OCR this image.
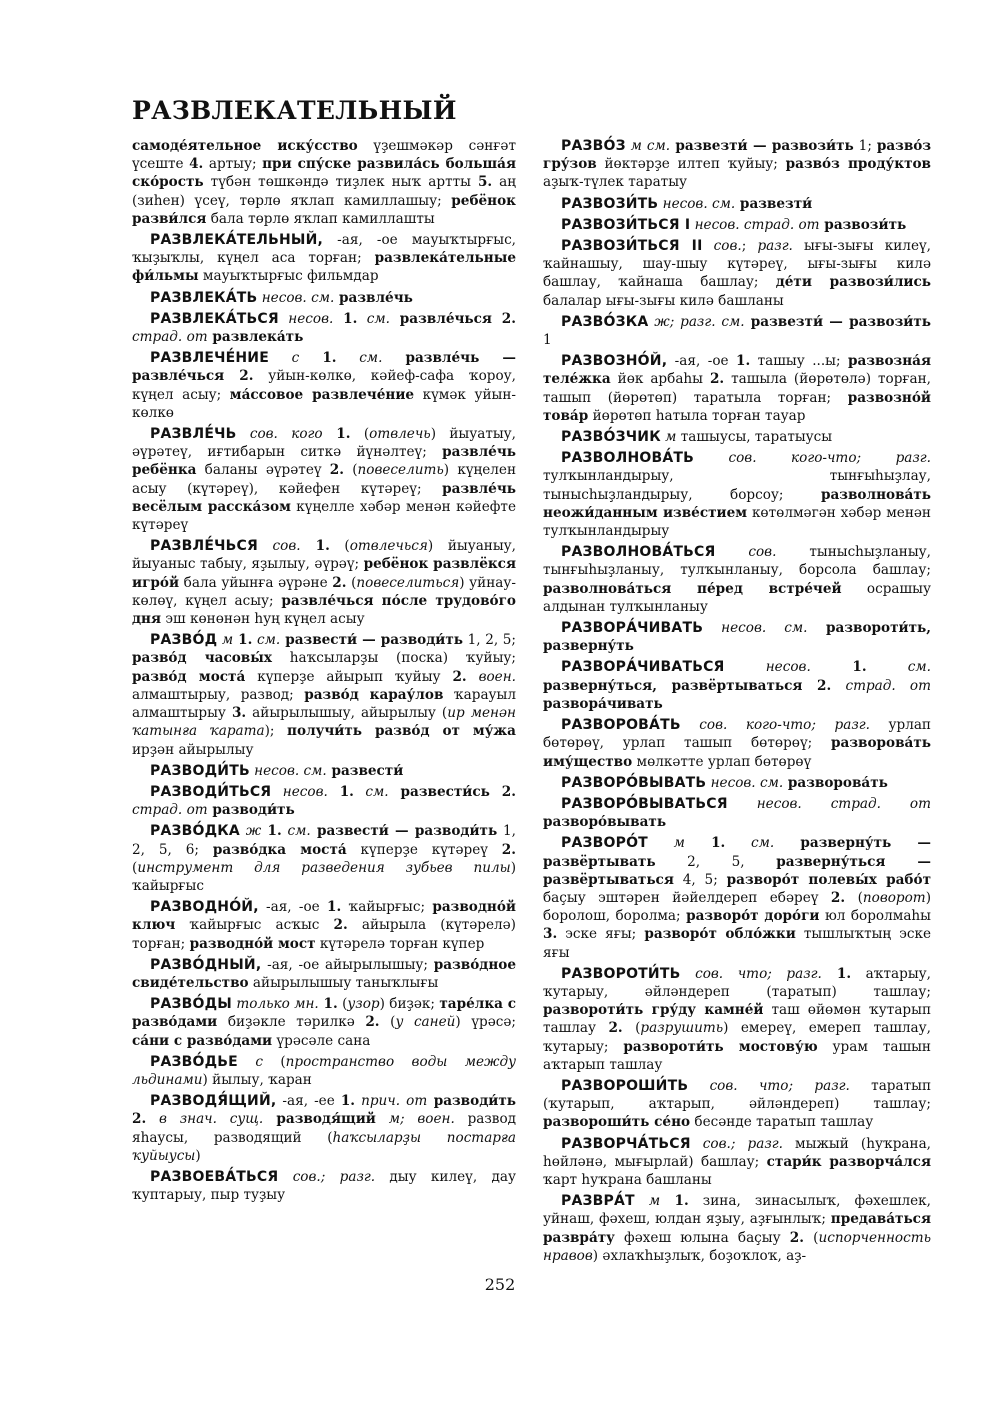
РАЗВЛЕКАТЕЛЬНЫЙ

самоде́ятельное иску́сство үҙешмәкәр сәнғәт үсеште 4. артыу; при спу́ске развила́сь больша́я ско́рость түбән төшкәндә тиҙлек ныҡ артты 5. аң (зиһен) үсеү, төрлө яҡлап камиллашыу; ребёнок разви́лся бала төрлө яҡлап камиллашты

РАЗВЛЕКА́ТЕЛЬНЫЙ, -ая, -ое мауыҡтырғыс, ҡыҙыҡлы, күңел аса торған; развлека́тельные фи́льмы мауыҡтырғыс фильмдар

РАЗВЛЕКА́ТЬ несов. см. развле́чь

РАЗВЛЕКА́ТЬСЯ несов. 1. см. развле́чься 2. страд. от развлека́ть

РАЗВЛЕЧЕ́НИЕ с 1. см. развле́чь — развле́чься 2. уйын-көлкө, кәйеф-сафа ҡороу, күңел асыу; ма́ссовое развлече́ние күмәк уйын-көлкө

РАЗВЛЕ́ЧЬ сов. кого 1. (отвлечь) йыуатыу, әүрәтеү, иғтибарын ситкә йүнәлтеү; развле́чь ребёнка баланы әүрәтеү 2. (повеселить) күңелен асыу (күтәреү), кәйефен күтәреү; развле́чь весёлым расска́зом күңелле хәбәр менән кәйефте күтәреү

РАЗВЛЕ́ЧЬСЯ сов. 1. (отвлечься) йыуаныу, йыуаныс табыу, яҙылыу, әүрәү; ребёнок развлёкся игро́й бала уйынға әүрәне 2. (повеселиться) уйнау-көлөү, күңел асыу; развле́чься по́сле трудово́го дня эш көнөнән һуң күңел асыу

РАЗВО́Д м 1. см. развести́ — разводи́ть 1, 2, 5; разво́д часовы́х һаҡсыларҙы (поска) ҡуйыу; разво́д моста́ күперҙе айырып ҡуйыу 2. воен. алмаштырыу, развод; разво́д карау́лов ҡарауыл алмаштырыу 3. айырылышыу, айырылыу (ир менән ҡатынға ҡарата); получи́ть разво́д от му́жа ирҙән айырылыу

РАЗВОДИ́ТЬ несов. см. развести́

РАЗВОДИ́ТЬСЯ несов. 1. см. развести́сь 2. страд. от разводи́ть

РАЗВО́ДКА ж 1. см. развести́ — разводи́ть 1, 2, 5, 6; разво́дка моста́ күперҙе күтәреү 2. (инструмент для разведения зубьев пилы) ҡайырғыс

РАЗВОДНО́Й, -ая, -ое 1. ҡайырғыс; разводно́й ключ ҡайырғыс асҡыс 2. айырыла (күтәрелә) торған; разводно́й мост күтәрелә торған күпер

РАЗВО́ДНЫЙ, -ая, -ое айырылышыу; разво́дное свиде́тельство айырылышыу таныҡлығы

РАЗВО́ДЫ только мн. 1. (узор) биҙәк; таре́лка с разво́дами биҙәкле тәрилкә 2. (у саней) үрәсә; са́ни с разво́дами үрәсәле сана

РАЗВО́ДЬЕ с (пространство воды между льдинами) йылыу, ҡаран

РАЗВОДЯ́ЩИЙ, -ая, -ее 1. прич. от разводи́ть 2. в знач. сущ. разводя́щий м; воен. развод яһаусы, разводящий (һаҡсыларҙы постарға ҡуйыусы)

РАЗВОЕВА́ТЬСЯ сов.; разг. дыу килеү, дау ҡуптарыу, пыр туҙыу

РАЗВО́З м см. развезти́ — развози́ть 1; разво́з гру́зов йөктәрҙе илтеп ҡуйыу; разво́з проду́ктов аҙыҡ-түлек таратыу

РАЗВОЗИ́ТЬ несов. см. развезти́

РАЗВОЗИ́ТЬСЯ I несов. страд. от развози́ть

РАЗВОЗИ́ТЬСЯ II сов.; разг. ығы-зығы килеү, ҡайнашыу, шау-шыу күтәреү, ығы-зығы килә башлау, ҡайнаша башлау; де́ти развози́лись балалар ығы-зығы килә башланы

РАЗВО́ЗКА ж; разг. см. развезти́ — развози́ть 1

РАЗВОЗНО́Й, -ая, -ое 1. ташыу ...ы; развозна́я теле́жка йөк арбаһы 2. ташыла (йөрөтөлә) торған, ташып (йөрөтөп) таратыла торған; развозно́й това́р йөрөтөп һатыла торған тауар

РАЗВО́ЗЧИК м ташыусы, таратыусы

РАЗВОЛНОВА́ТЬ сов. кого-что; разг. тулҡынландырыу, тынғыһыҙлау, тынысһыҙландырыу, борсоу; разволнова́ть неожи́данным изве́стием көтөлмәгән хәбәр менән тулҡынландырыу

РАЗВОЛНОВА́ТЬСЯ сов. тынысһыҙланыу, тынғыһыҙланыу, тулҡынланыу, борсола башлау; разволнова́ться пе́ред встре́чей осрашыу алдынан тулҡынланыу

РАЗВОРА́ЧИВАТЬ несов. см. развороти́ть, разверну́ть

РАЗВОРА́ЧИВАТЬСЯ несов. 1. см. разверну́ться, развёртываться 2. страд. от развора́чивать

РАЗВОРОВА́ТЬ сов. кого-что; разг. урлап бөтөрөү, урлап ташып бөтөрөү; разворова́ть иму́щество мөлкәтте урлап бөтөрөү

РАЗВОРО́ВЫВАТЬ несов. см. разворова́ть

РАЗВОРО́ВЫВАТЬСЯ несов. страд. от разворо́вывать

РАЗВОРО́Т м 1. см. разверну́ть — развёртывать 2, 5, разверну́ться — развёртываться 4, 5; разворо́т полевы́х рабо́т баҫыу эштәрен йәйелдереп ебәреү 2. (поворот) боролош, боролма; разворо́т доро́ги юл боролмаһы 3. эске яғы; разворо́т обло́жки тышлыҡтың эске яғы

РАЗВОРОТИ́ТЬ сов. что; разг. 1. аҡтарыу, ҡутарыу, әйләндереп (таратып) ташлау; развороти́ть гру́ду камне́й таш өйөмөн ҡутарып ташлау 2. (разрушить) емереү, емереп ташлау, ҡутарыу; развороти́ть мостову́ю урам ташын аҡтарып ташлау

РАЗВОРОШИ́ТЬ сов. что; разг. таратып (ҡутарып, аҡтарып, әйләндереп) ташлау; развороши́ть се́но бесәнде таратып ташлау

РАЗВОРЧА́ТЬСЯ сов.; разг. мыжый (һуҡрана, һөйләнә, мығырлай) башлау; стари́к разворча́лся ҡарт һуҡрана башланы

РАЗВРА́Т м 1. зина, зинасылыҡ, фәхешлек, уйнаш, фәхеш, юлдан яҙыу, аҙғынлыҡ; предава́ться развра́ту фәхеш юлына баҫыу 2. (испорченность нравов) әхлаҡһыҙлыҡ, боҙоҡлоҡ, аҙ-

252
